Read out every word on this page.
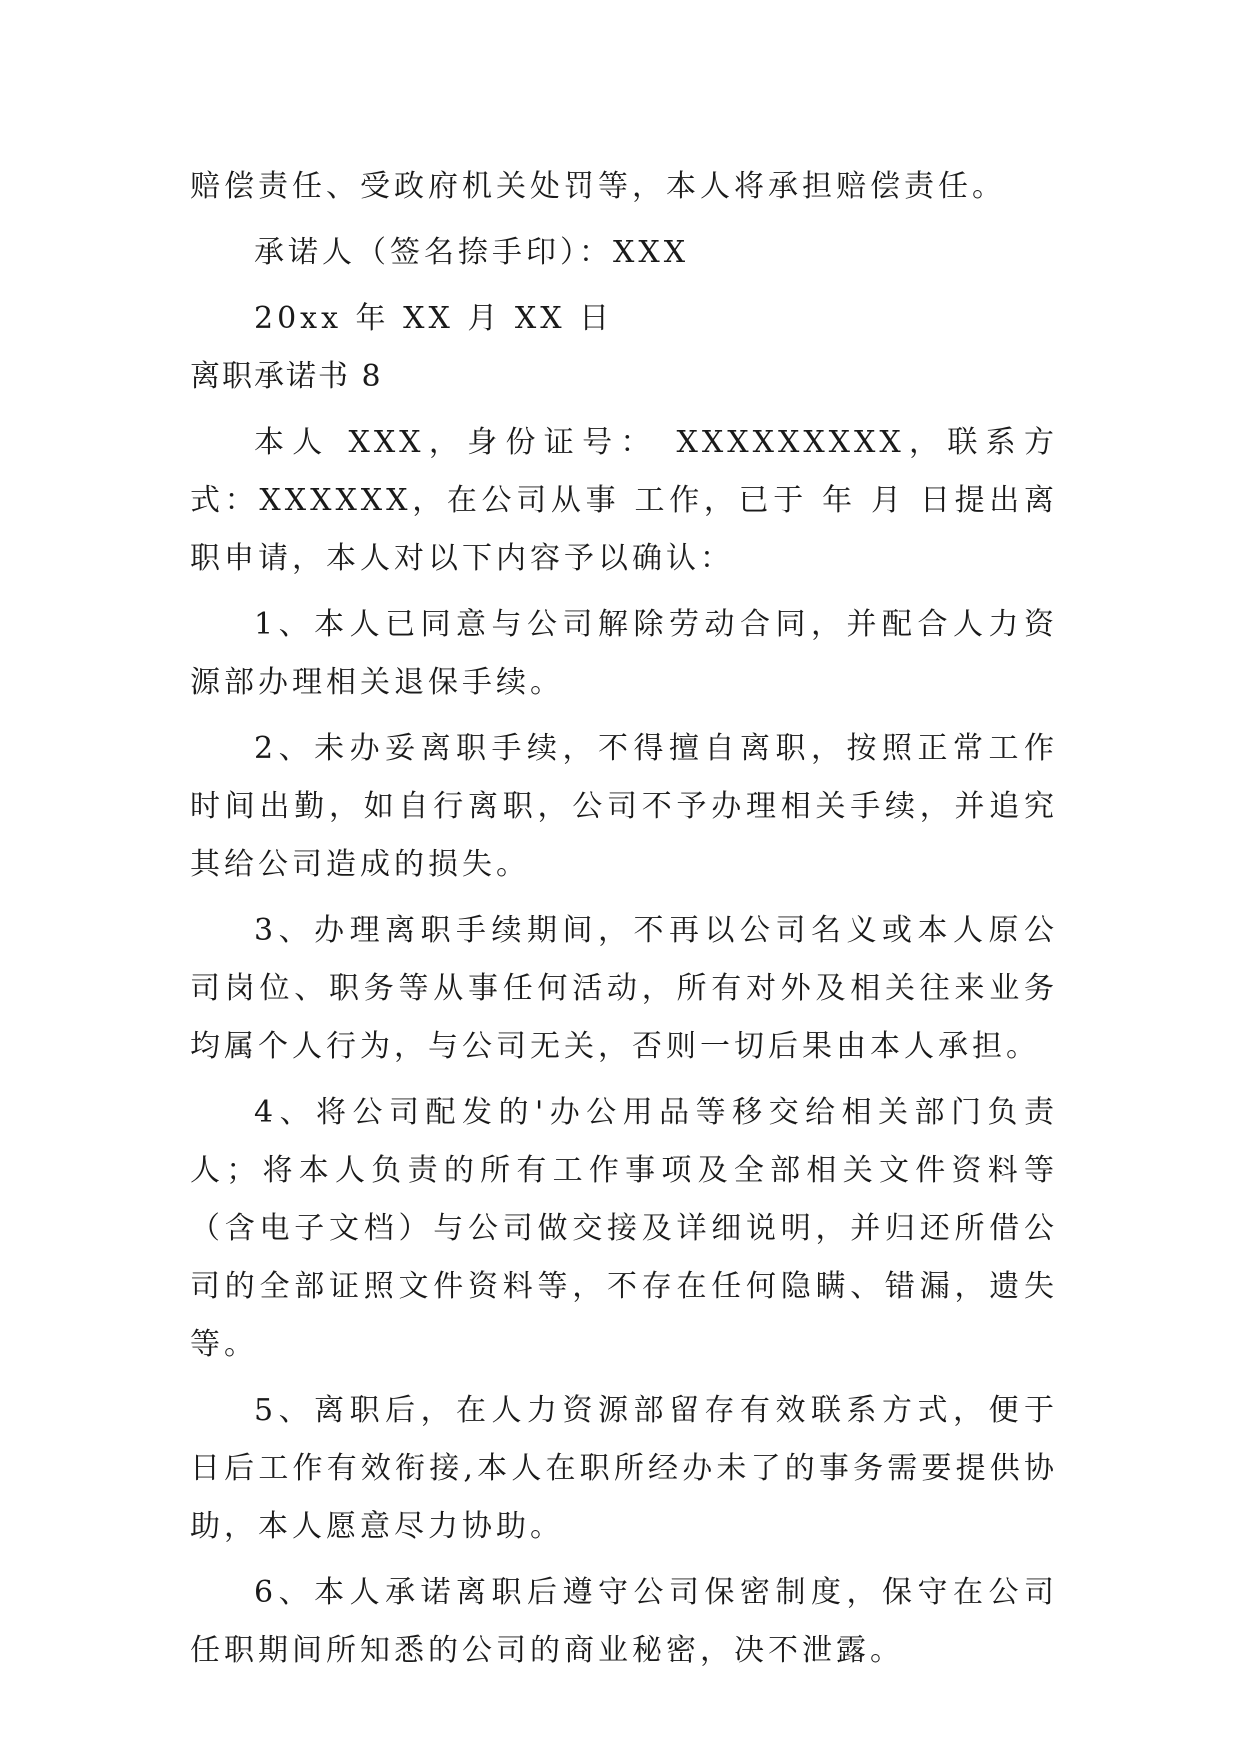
赔偿责任、受政府机关处罚等，本人将承担赔偿责任。
承诺人（签名捺手印）：XXX
20xx 年 XX 月 XX 日
离职承诺书 8
本人 XXX，身份证号： XXXXXXXXX，联系方式：XXXXXX，在公司从事 工作，已于 年 月 日提出离职申请，本人对以下内容予以确认：
1、本人已同意与公司解除劳动合同，并配合人力资源部办理相关退保手续。
2、未办妥离职手续，不得擅自离职，按照正常工作时间出勤，如自行离职，公司不予办理相关手续，并追究其给公司造成的损失。
3、办理离职手续期间，不再以公司名义或本人原公司岗位、职务等从事任何活动，所有对外及相关往来业务均属个人行为，与公司无关，否则一切后果由本人承担。
4、将公司配发的'办公用品等移交给相关部门负责人；将本人负责的所有工作事项及全部相关文件资料等（含电子文档）与公司做交接及详细说明，并归还所借公司的全部证照文件资料等，不存在任何隐瞒、错漏，遗失等。
5、离职后，在人力资源部留存有效联系方式，便于日后工作有效衔接,本人在职所经办未了的事务需要提供协助，本人愿意尽力协助。
6、本人承诺离职后遵守公司保密制度，保守在公司任职期间所知悉的公司的商业秘密，决不泄露。
